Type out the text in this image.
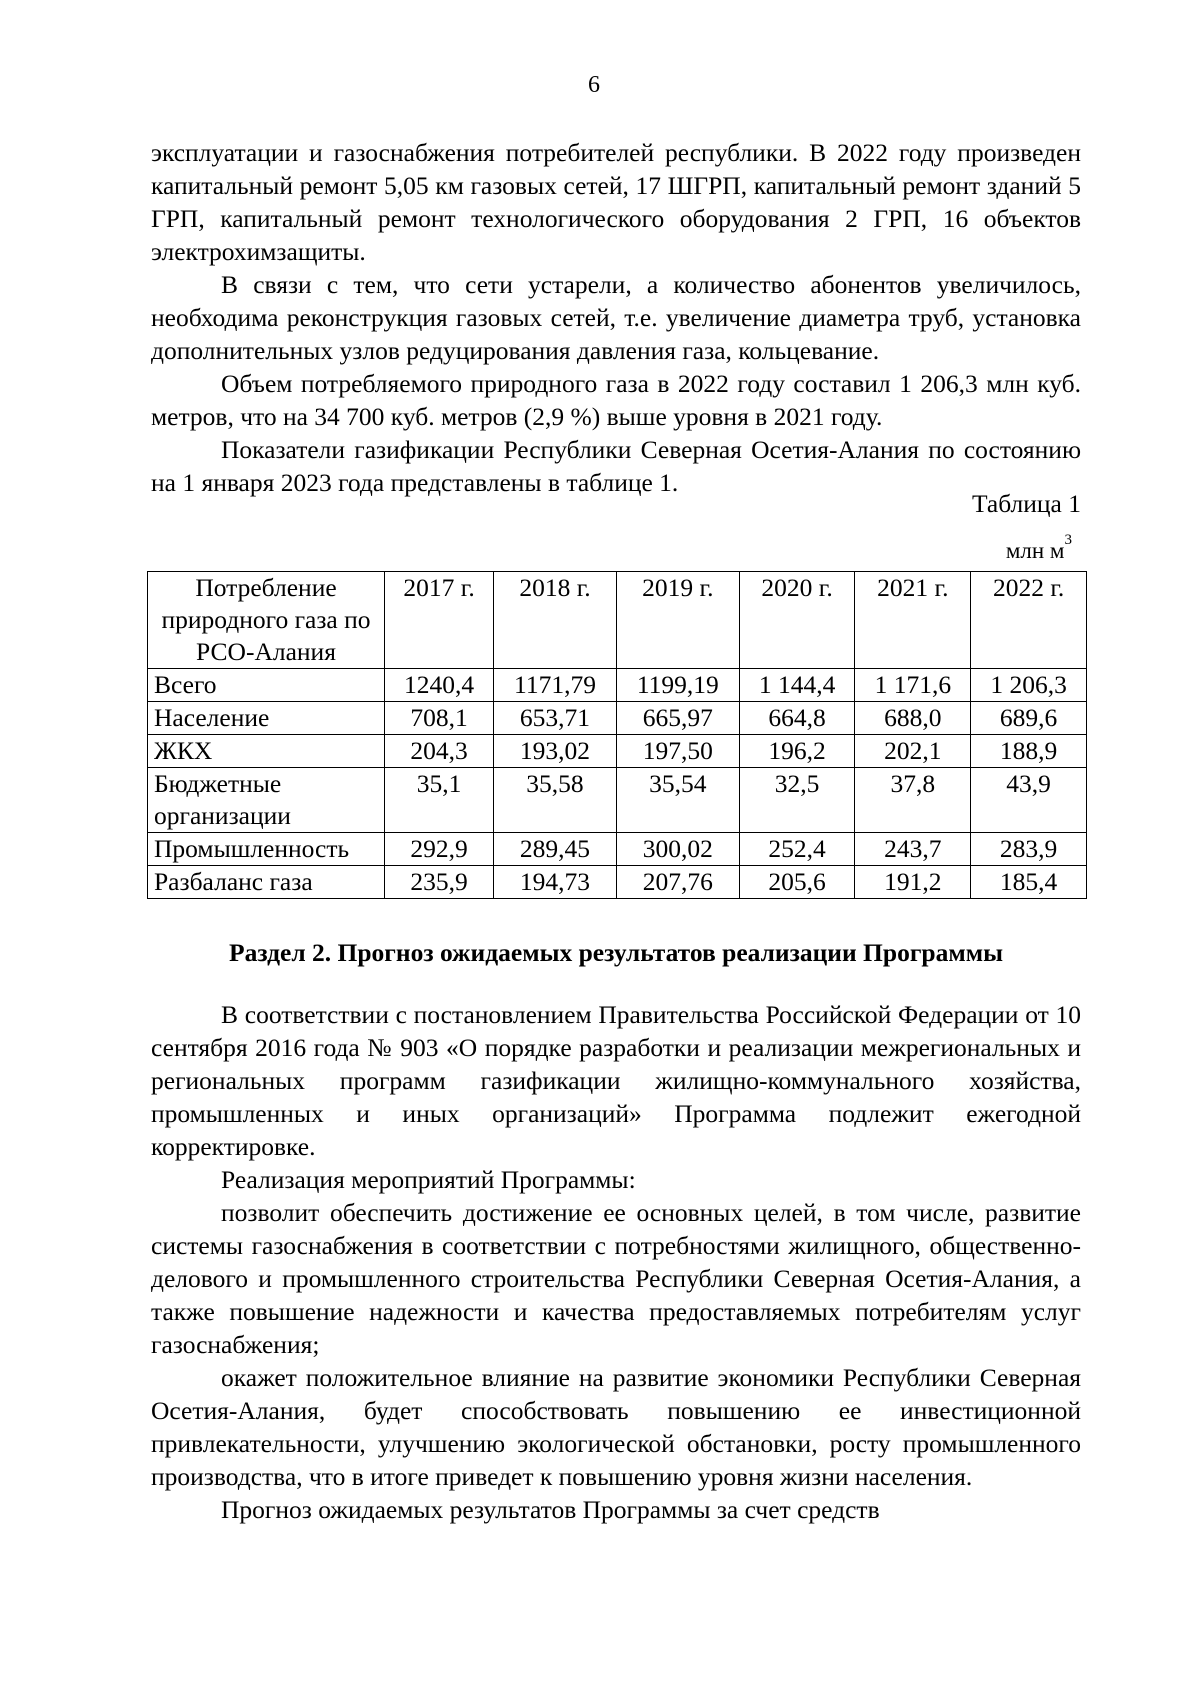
6

эксплуатации и газоснабжения потребителей республики. В 2022 году произведен капитальный ремонт 5,05 км газовых сетей, 17 ШГРП, капитальный ремонт зданий 5 ГРП, капитальный ремонт технологического оборудования 2 ГРП, 16 объектов электрохимзащиты.

В связи с тем, что сети устарели, а количество абонентов увеличилось, необходима реконструкция газовых сетей, т.е. увеличение диаметра труб, установка дополнительных узлов редуцирования давления газа, кольцевание.

Объем потребляемого природного газа в 2022 году составил 1 206,3 млн куб. метров, что на 34 700 куб. метров (2,9 %) выше уровня в 2021 году.

Показатели газификации Республики Северная Осетия-Алания по состоянию на 1 января 2023 года представлены в таблице 1.

Таблица 1
млн $м^3$
Потребление природного газа по РСО-Алания	2017 г.	2018 г.	2019 г.	2020 г.	2021 г.	2022 г.
Всего	1240,4	1171,79	1199,19	1 144,4	1 171,6	1 206,3
Население	708,1	653,71	665,97	664,8	688,0	689,6
ЖКХ	204,3	193,02	197,50	196,2	202,1	188,9
Бюджетные организации	35,1	35,58	35,54	32,5	37,8	43,9
Промышленность	292,9	289,45	300,02	252,4	243,7	283,9
Разбаланс газа	235,9	194,73	207,76	205,6	191,2	185,4
Раздел 2. Прогноз ожидаемых результатов реализации Программы

В соответствии с постановлением Правительства Российской Федерации от 10 сентября 2016 года № 903 «О порядке разработки и реализации межрегиональных и региональных программ газификации жилищно-коммунального хозяйства, промышленных и иных организаций» Программа подлежит ежегодной корректировке.

Реализация мероприятий Программы:

позволит обеспечить достижение ее основных целей, в том числе, развитие системы газоснабжения в соответствии с потребностями жилищного, общественно-делового и промышленного строительства Республики Северная Осетия-Алания, а также повышение надежности и качества предоставляемых потребителям услуг газоснабжения;

окажет положительное влияние на развитие экономики Республики Северная Осетия-Алания, будет способствовать повышению ее инвестиционной привлекательности, улучшению экологической обстановки, росту промышленного производства, что в итоге приведет к повышению уровня жизни населения.

Прогноз ожидаемых результатов Программы за счет средств
